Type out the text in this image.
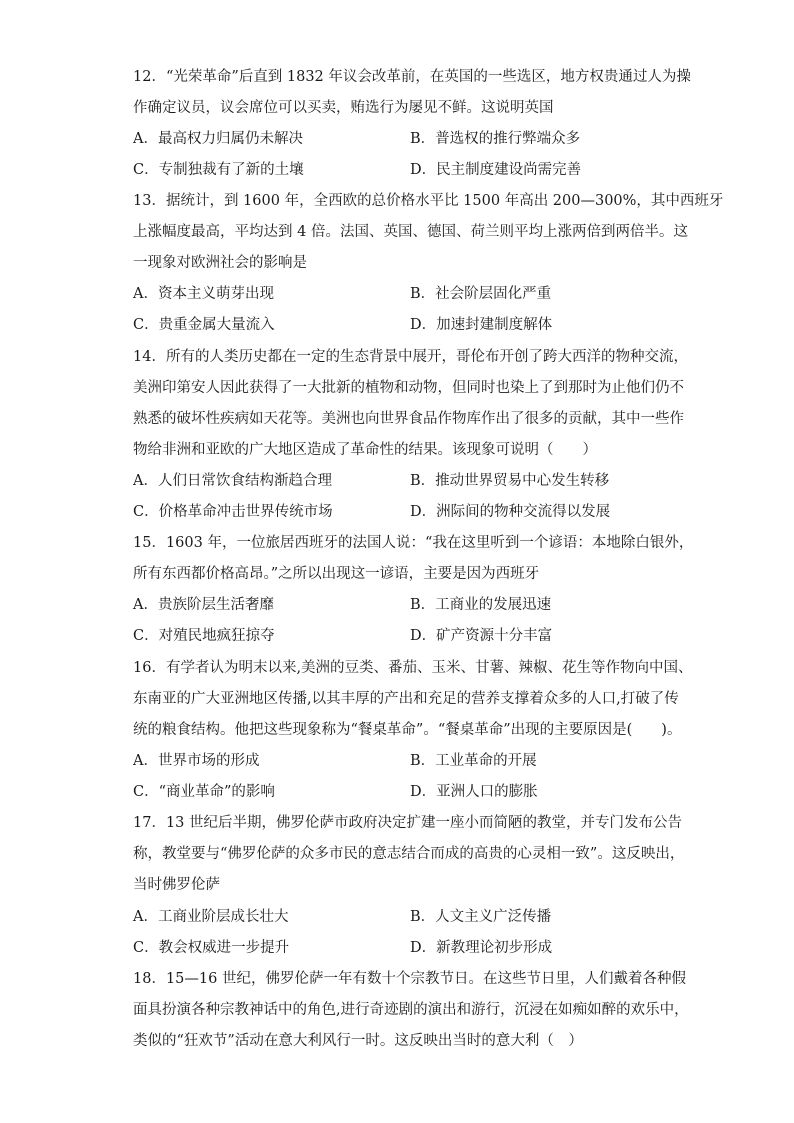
12．“光荣革命”后直到 1832 年议会改革前，在英国的一些选区，地方权贵通过人为操
作确定议员，议会席位可以买卖，贿选行为屡见不鲜。这说明英国
A．最高权力归属仍未解决	B．普选权的推行弊端众多
C．专制独裁有了新的土壤	D．民主制度建设尚需完善
13．据统计，到 1600 年，全西欧的总价格水平比 1500 年高出 200—300%，其中西班牙
上涨幅度最高，平均达到 4 倍。法国、英国、德国、荷兰则平均上涨两倍到两倍半。这
一现象对欧洲社会的影响是
A．资本主义萌芽出现	B．社会阶层固化严重
C．贵重金属大量流入	D．加速封建制度解体
14．所有的人类历史都在一定的生态背景中展开，哥伦布开创了跨大西洋的物种交流，
美洲印第安人因此获得了一大批新的植物和动物，但同时也染上了到那时为止他们仍不
熟悉的破坏性疾病如天花等。美洲也向世界食品作物库作出了很多的贡献，其中一些作
物给非洲和亚欧的广大地区造成了革命性的结果。该现象可说明（　　）
A．人们日常饮食结构渐趋合理	B．推动世界贸易中心发生转移
C．价格革命冲击世界传统市场	D．洲际间的物种交流得以发展
15．1603 年，一位旅居西班牙的法国人说：“我在这里听到一个谚语：本地除白银外，
所有东西都价格高昂。”之所以出现这一谚语，主要是因为西班牙
A．贵族阶层生活奢靡	B．工商业的发展迅速
C．对殖民地疯狂掠夺	D．矿产资源十分丰富
16．有学者认为明末以来,美洲的豆类、番茄、玉米、甘薯、辣椒、花生等作物向中国、
东南亚的广大亚洲地区传播,以其丰厚的产出和充足的营养支撑着众多的人口,打破了传
统的粮食结构。他把这些现象称为“餐桌革命”。“餐桌革命”出现的主要原因是(　　)。
A．世界市场的形成	B．工业革命的开展
C．“商业革命”的影响	D．亚洲人口的膨胀
17．13 世纪后半期，佛罗伦萨市政府决定扩建一座小而简陋的教堂，并专门发布公告
称，教堂要与“佛罗伦萨的众多市民的意志结合而成的高贵的心灵相一致”。这反映出，
当时佛罗伦萨
A．工商业阶层成长壮大	B．人文主义广泛传播
C．教会权威进一步提升	D．新教理论初步形成
18．15—16 世纪，佛罗伦萨一年有数十个宗教节日。在这些节日里，人们戴着各种假
面具扮演各种宗教神话中的角色,进行奇迹剧的演出和游行，沉浸在如痴如醉的欢乐中，
类似的“狂欢节”活动在意大利风行一时。这反映出当时的意大利（　）
